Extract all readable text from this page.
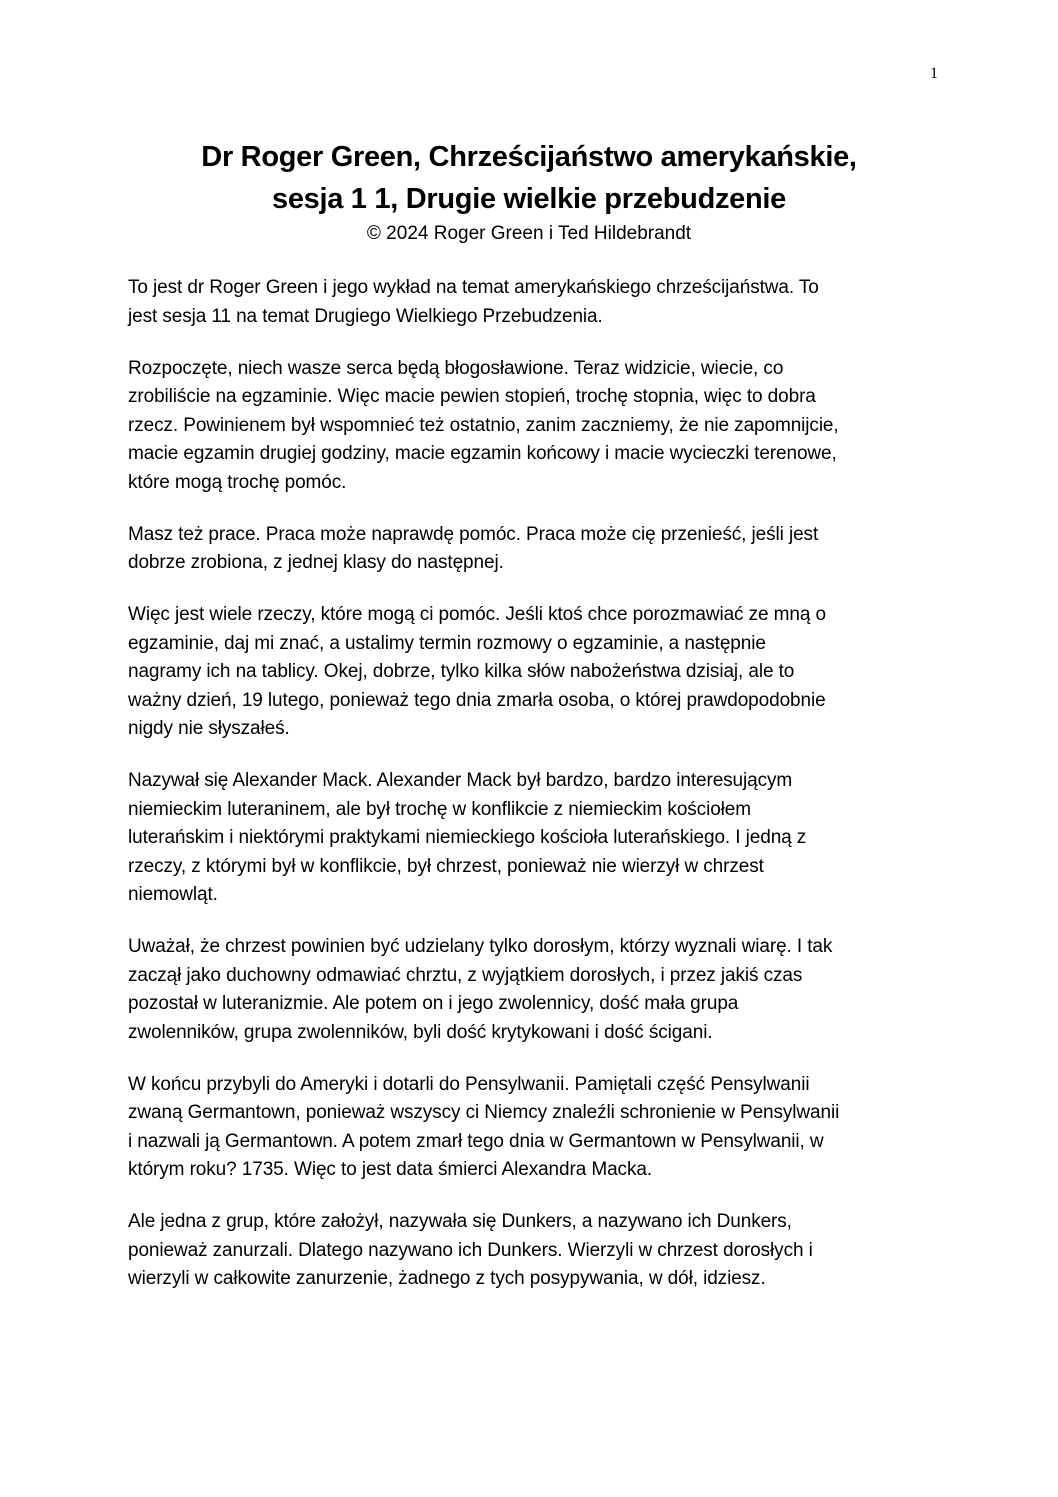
1
Dr Roger Green, Chrześcijaństwo amerykańskie,
sesja 1 1, Drugie wielkie przebudzenie
© 2024 Roger Green i Ted Hildebrandt

To jest dr Roger Green i jego wykład na temat amerykańskiego chrześcijaństwa. To
jest sesja 11 na temat Drugiego Wielkiego Przebudzenia.

Rozpoczęte, niech wasze serca będą błogosławione. Teraz widzicie, wiecie, co
zrobiliście na egzaminie. Więc macie pewien stopień, trochę stopnia, więc to dobra
rzecz. Powinienem był wspomnieć też ostatnio, zanim zaczniemy, że nie zapomnijcie,
macie egzamin drugiej godziny, macie egzamin końcowy i macie wycieczki terenowe,
które mogą trochę pomóc.

Masz też prace. Praca może naprawdę pomóc. Praca może cię przenieść, jeśli jest
dobrze zrobiona, z jednej klasy do następnej.

Więc jest wiele rzeczy, które mogą ci pomóc. Jeśli ktoś chce porozmawiać ze mną o
egzaminie, daj mi znać, a ustalimy termin rozmowy o egzaminie, a następnie
nagramy ich na tablicy. Okej, dobrze, tylko kilka słów nabożeństwa dzisiaj, ale to
ważny dzień, 19 lutego, ponieważ tego dnia zmarła osoba, o której prawdopodobnie
nigdy nie słyszałeś.

Nazywał się Alexander Mack. Alexander Mack był bardzo, bardzo interesującym
niemieckim luteraninem, ale był trochę w konflikcie z niemieckim kościołem
luterańskim i niektórymi praktykami niemieckiego kościoła luterańskiego. I jedną z
rzeczy, z którymi był w konflikcie, był chrzest, ponieważ nie wierzył w chrzest
niemowląt.

Uważał, że chrzest powinien być udzielany tylko dorosłym, którzy wyznali wiarę. I tak
zaczął jako duchowny odmawiać chrztu, z wyjątkiem dorosłych, i przez jakiś czas
pozostał w luteranizmie. Ale potem on i jego zwolennicy, dość mała grupa
zwolenników, grupa zwolenników, byli dość krytykowani i dość ścigani.

W końcu przybyli do Ameryki i dotarli do Pensylwanii. Pamiętali część Pensylwanii
zwaną Germantown, ponieważ wszyscy ci Niemcy znaleźli schronienie w Pensylwanii
i nazwali ją Germantown. A potem zmarł tego dnia w Germantown w Pensylwanii, w
którym roku? 1735. Więc to jest data śmierci Alexandra Macka.

Ale jedna z grup, które założył, nazywała się Dunkers, a nazywano ich Dunkers,
ponieważ zanurzali. Dlatego nazywano ich Dunkers. Wierzyli w chrzest dorosłych i
wierzyli w całkowite zanurzenie, żadnego z tych posypywania, w dół, idziesz.
